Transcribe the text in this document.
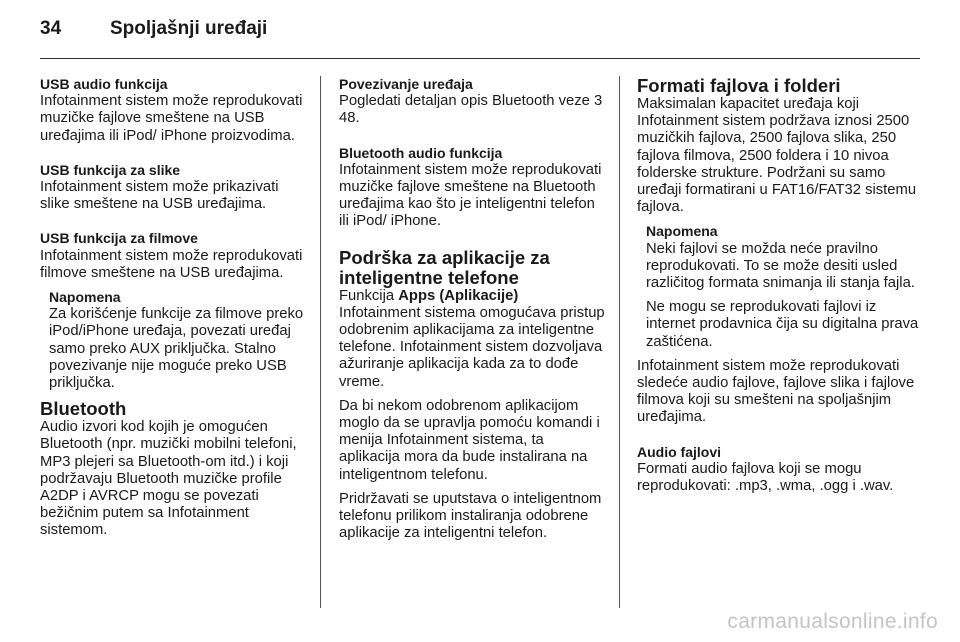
34	Spoljašnji uređaji

USB audio funkcija

Infotainment sistem može reprodukovati muzičke fajlove smeštene na USB uređajima ili iPod/ iPhone proizvodima.

USB funkcija za slike

Infotainment sistem može prikazivati slike smeštene na USB uređajima.

USB funkcija za filmove

Infotainment sistem može reprodukovati filmove smeštene na USB uređajima.

Napomena

Za korišćenje funkcije za filmove preko iPod/iPhone uređaja, povezati uređaj samo preko AUX priključka. Stalno povezivanje nije moguće preko USB priključka.

Bluetooth

Audio izvori kod kojih je omogućen Bluetooth (npr. muzički mobilni telefoni, MP3 plejeri sa Bluetooth-om itd.) i koji podržavaju Bluetooth muzičke profile A2DP i AVRCP mogu se povezati bežičnim putem sa Infotainment sistemom.

Povezivanje uređaja

Pogledati detaljan opis Bluetooth veze 3 48.

Bluetooth audio funkcija

Infotainment sistem može reprodukovati muzičke fajlove smeštene na Bluetooth uređajima kao što je inteligentni telefon ili iPod/ iPhone.

Podrška za aplikacije za inteligentne telefone

Funkcija Apps (Aplikacije)

Infotainment sistema omogućava pristup odobrenim aplikacijama za inteligentne telefone. Infotainment sistem dozvoljava ažuriranje aplikacija kada za to dođe vreme.

Da bi nekom odobrenom aplikacijom moglo da se upravlja pomoću komandi i menija Infotainment sistema, ta aplikacija mora da bude instalirana na inteligentnom telefonu.

Pridržavati se uputstava o inteligentnom telefonu prilikom instaliranja odobrene aplikacije za inteligentni telefon.

Formati fajlova i folderi

Maksimalan kapacitet uređaja koji Infotainment sistem podržava iznosi 2500 muzičkih fajlova, 2500 fajlova slika, 250 fajlova filmova, 2500 foldera i 10 nivoa folderske strukture. Podržani su samo uređaji formatirani u FAT16/FAT32 sistemu fajlova.

Napomena

Neki fajlovi se možda neće pravilno reprodukovati. To se može desiti usled različitog formata snimanja ili stanja fajla.

Ne mogu se reprodukovati fajlovi iz internet prodavnica čija su digitalna prava zaštićena.

Infotainment sistem može reprodukovati sledeće audio fajlove, fajlove slika i fajlove filmova koji su smešteni na spoljašnjim uređajima.

Audio fajlovi

Formati audio fajlova koji se mogu reprodukovati: .mp3, .wma, .ogg i .wav.

carmanualsonline.info
